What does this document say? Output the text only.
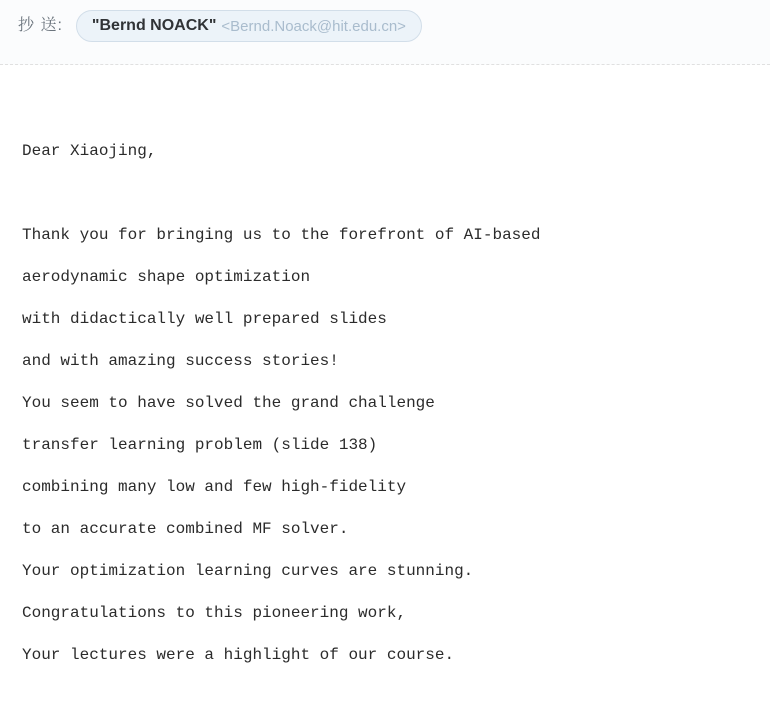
抄 送: "Bernd NOACK" <Bernd.Noack@hit.edu.cn>
Dear Xiaojing,
Thank you for bringing us to the forefront of AI-based
aerodynamic shape optimization
with didactically well prepared slides
and with amazing success stories!
You seem to have solved the grand challenge
transfer learning problem (slide 138)
combining many low and few high-fidelity
to an accurate combined MF solver.
Your optimization learning curves are stunning.
Congratulations to this pioneering work,
Your lectures were a highlight of our course.
